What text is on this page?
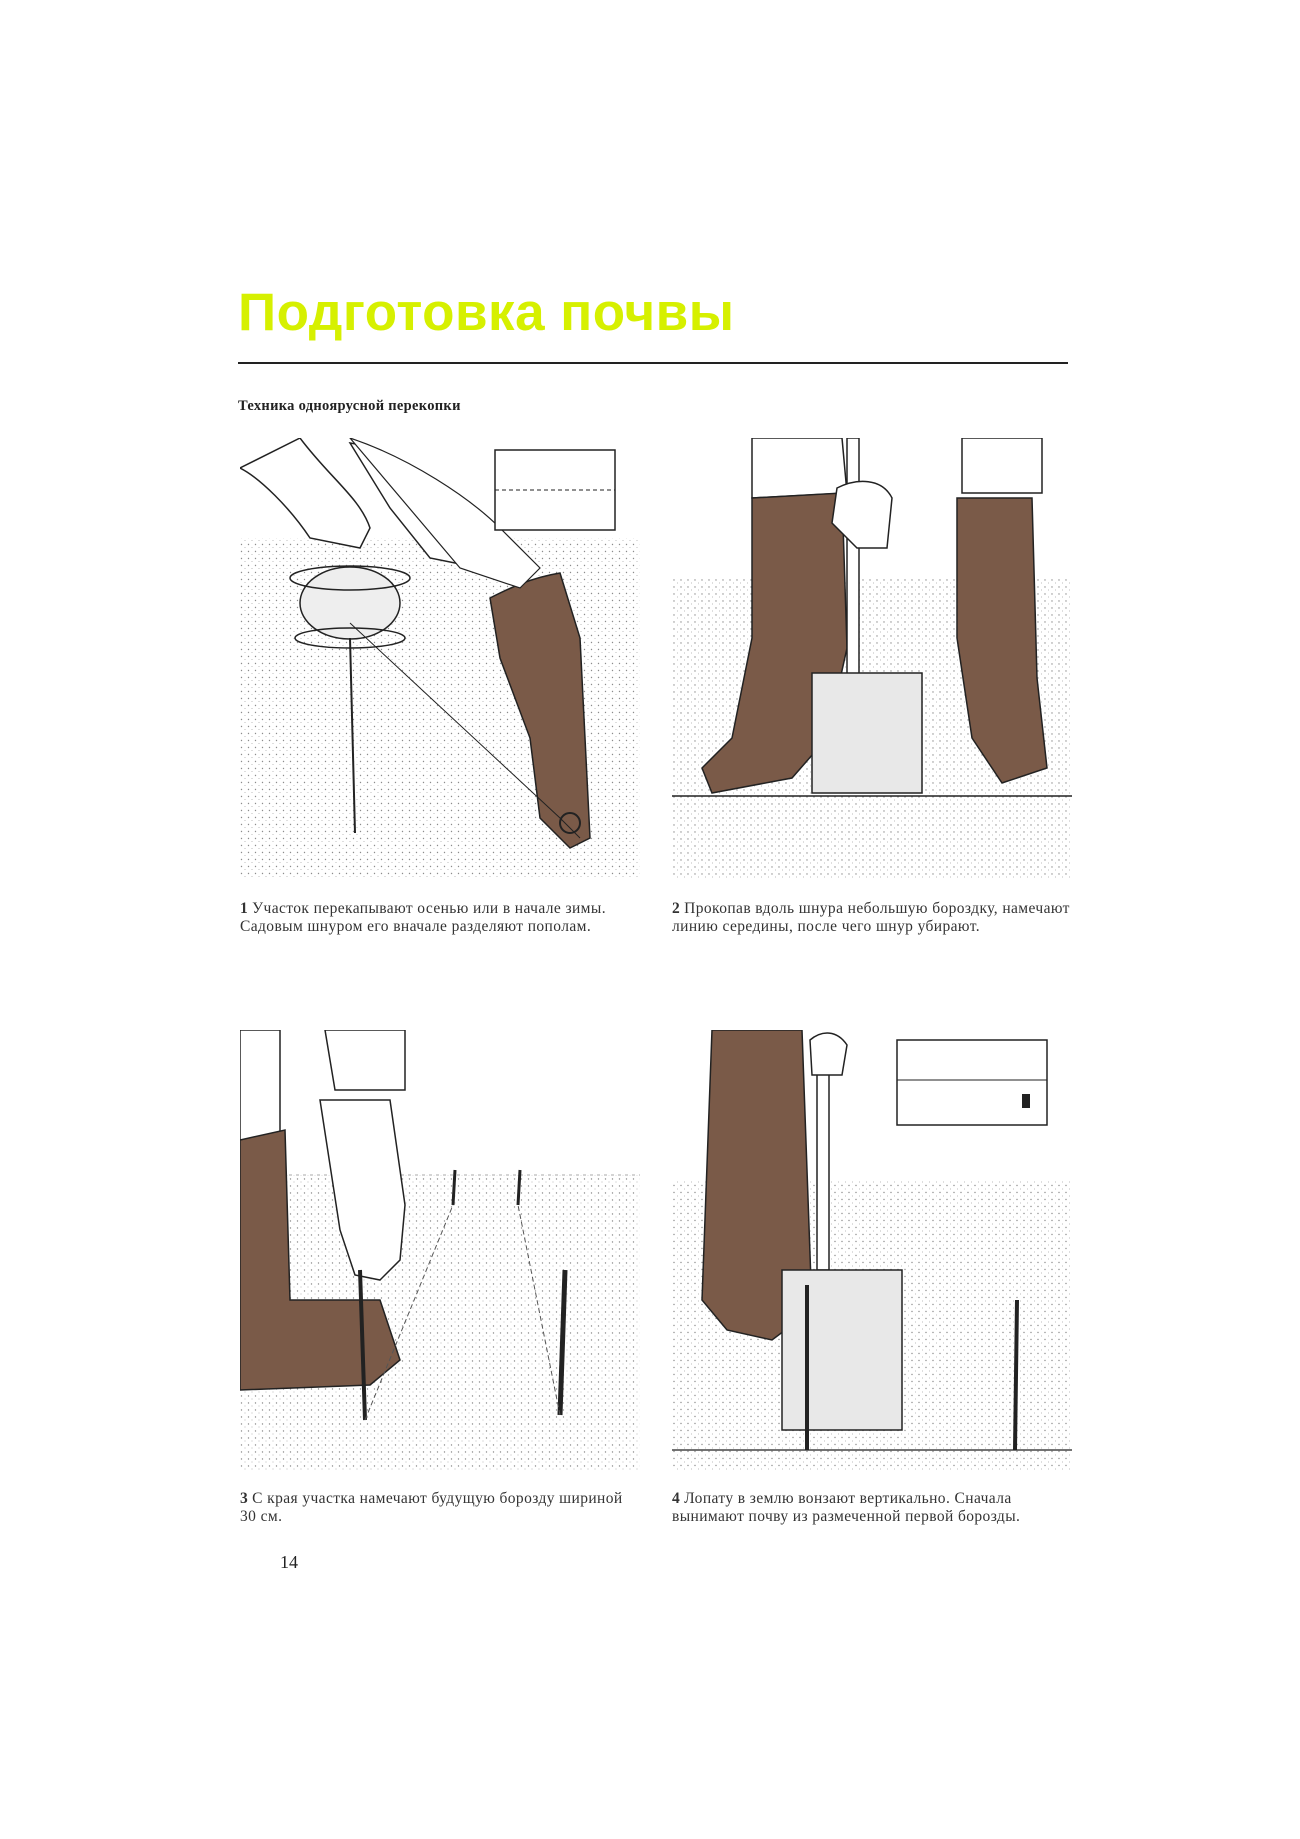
Подготовка почвы
Техника одноярусной перекопки
1 Участок перекапывают осенью или в начале зимы. Садовым шнуром его вначале разделяют пополам.
2 Прокопав вдоль шнура небольшую бороздку, намечают линию середины, после чего шнур убирают.
3 С края участка намечают будущую борозду шириной 30 см.
4 Лопату в землю вонзают вертикально. Сначала вынимают почву из размеченной первой борозды.
14
